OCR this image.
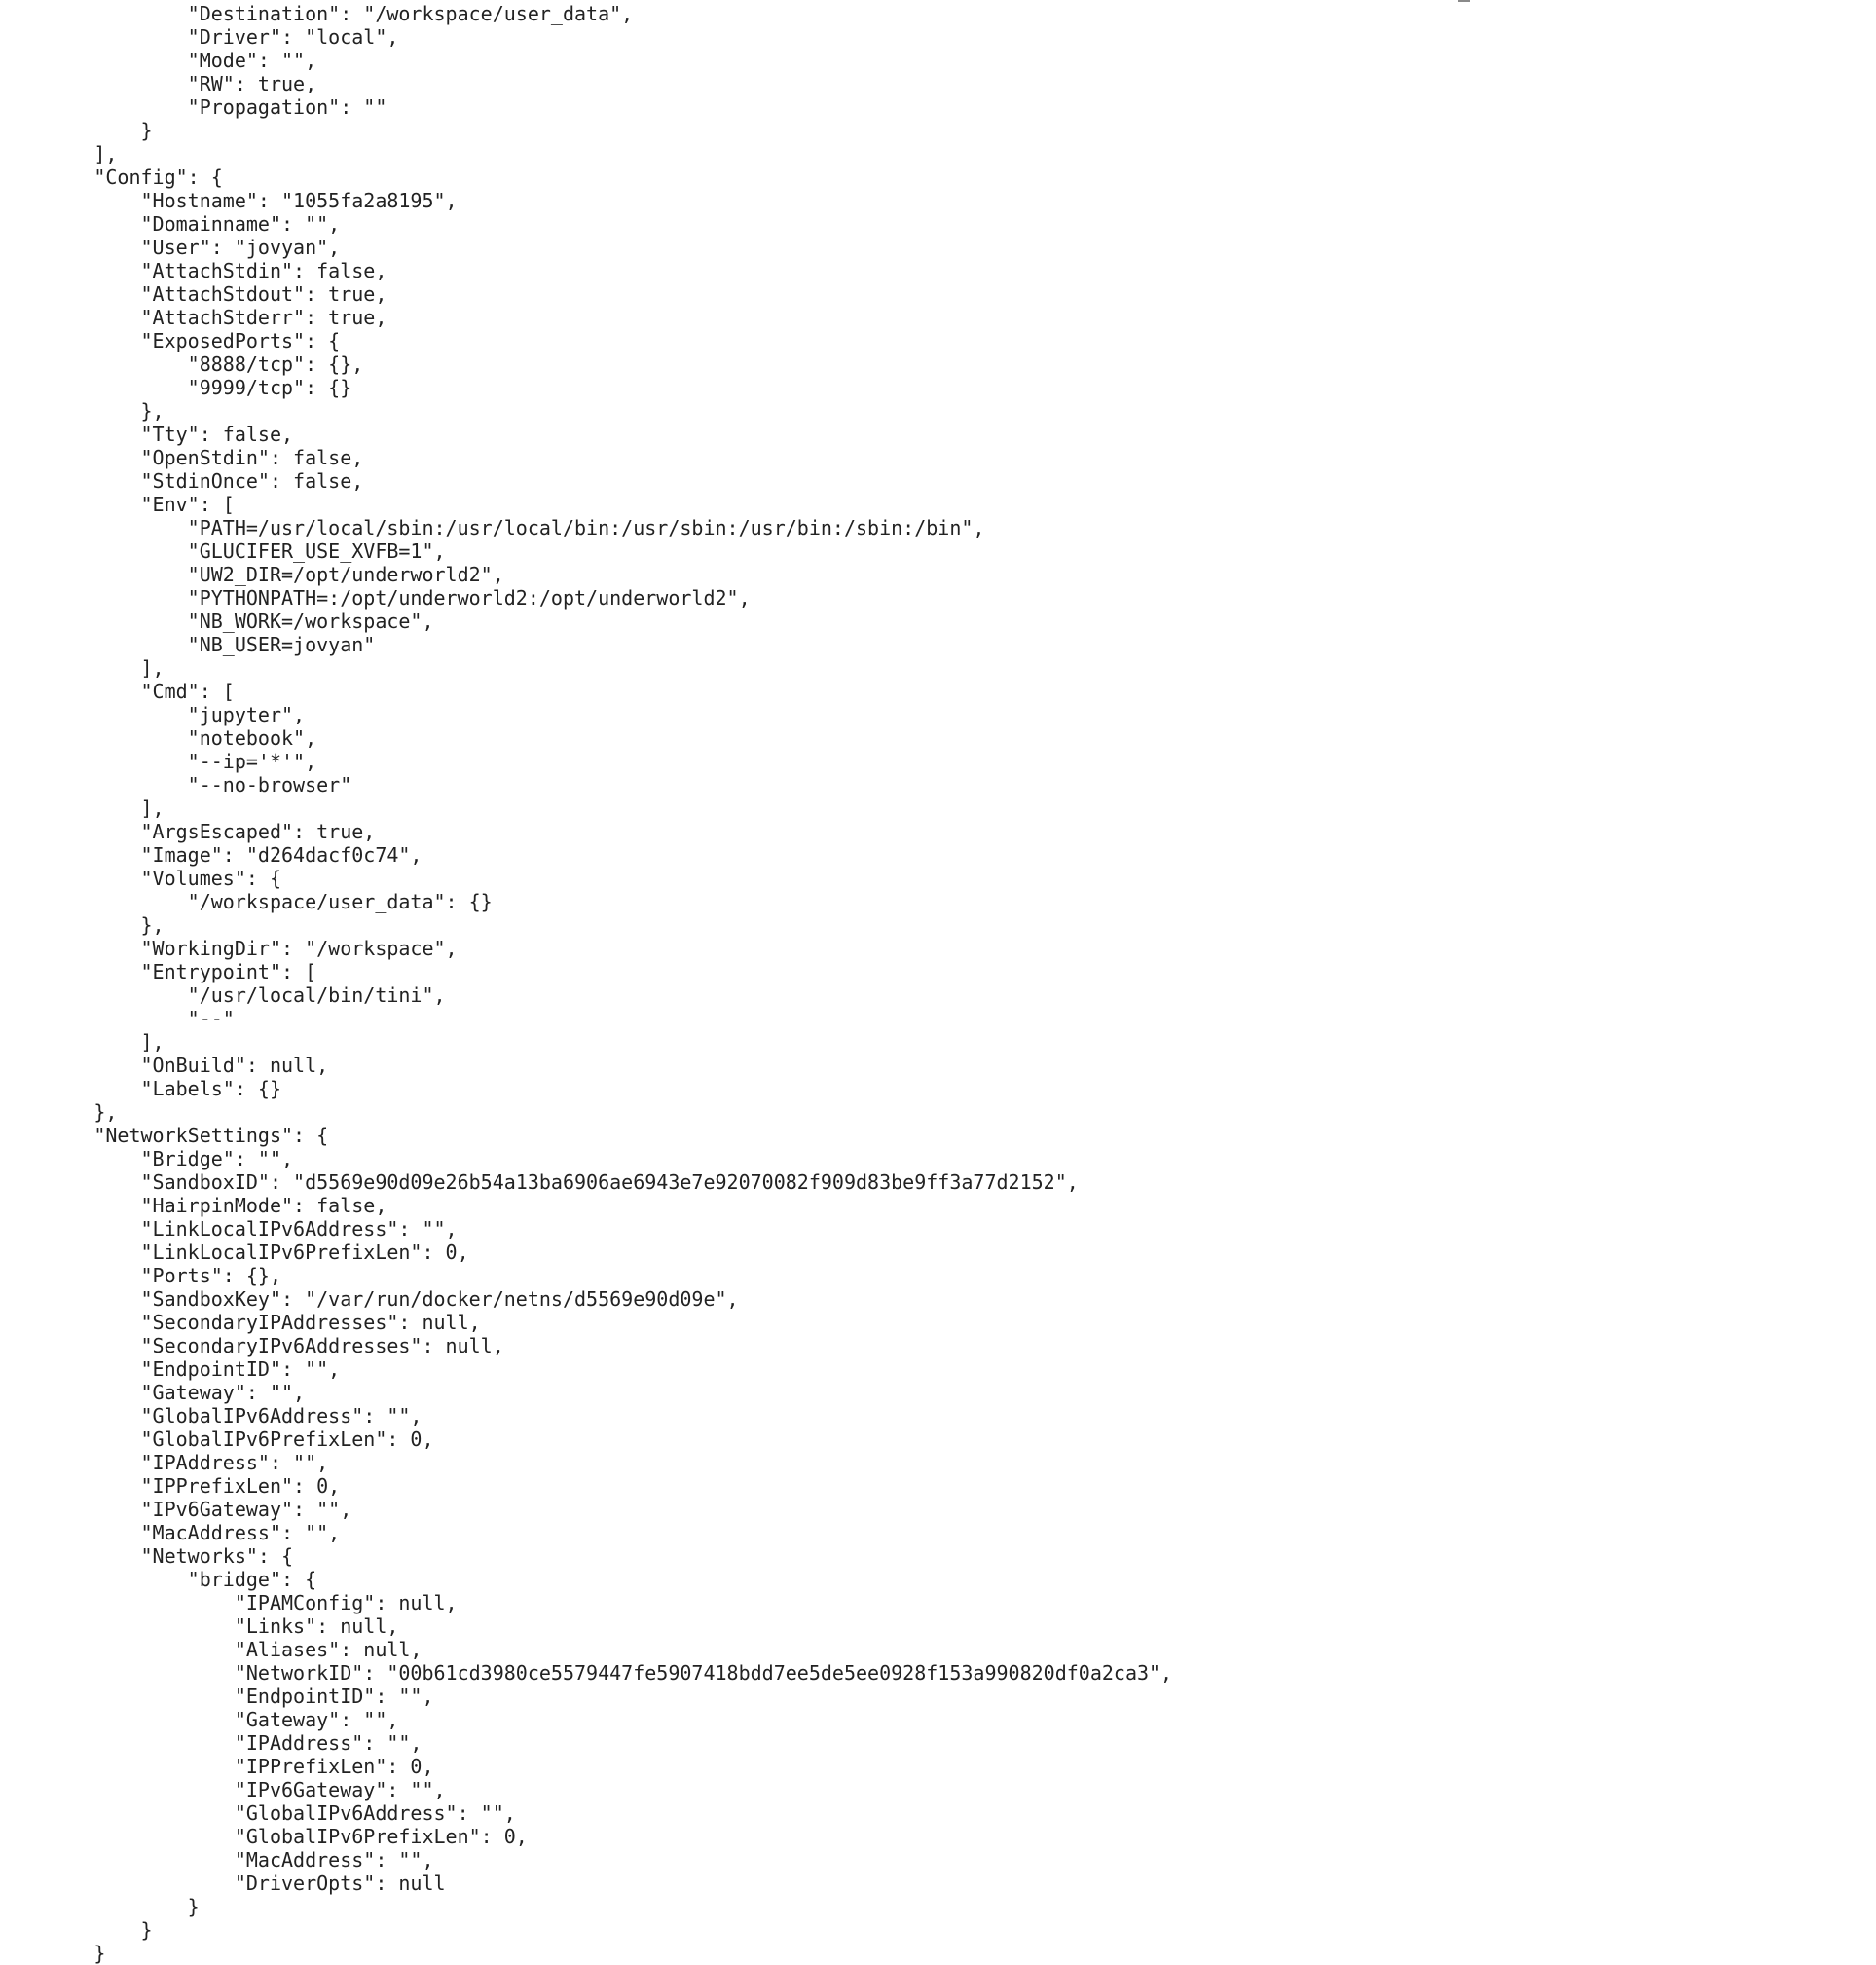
"Destination": "/workspace/user_data",
"Driver": "local",
"Mode": "",
"RW": true,
"Propagation": ""
}
],
"Config": {
"Hostname": "1055fa2a8195",
"Domainname": "",
"User": "jovyan",
"AttachStdin": false,
"AttachStdout": true,
"AttachStderr": true,
"ExposedPorts": {
"8888/tcp": {},
"9999/tcp": {}
},
"Tty": false,
"OpenStdin": false,
"StdinOnce": false,
"Env": [
"PATH=/usr/local/sbin:/usr/local/bin:/usr/sbin:/usr/bin:/sbin:/bin",
"GLUCIFER_USE_XVFB=1",
"UW2_DIR=/opt/underworld2",
"PYTHONPATH=:/opt/underworld2:/opt/underworld2",
"NB_WORK=/workspace",
"NB_USER=jovyan"
],
"Cmd": [
"jupyter",
"notebook",
"--ip='*'",
"--no-browser"
],
"ArgsEscaped": true,
"Image": "d264dacf0c74",
"Volumes": {
"/workspace/user_data": {}
},
"WorkingDir": "/workspace",
"Entrypoint": [
"/usr/local/bin/tini",
"--"
],
"OnBuild": null,
"Labels": {}
},
"NetworkSettings": {
"Bridge": "",
"SandboxID": "d5569e90d09e26b54a13ba6906ae6943e7e92070082f909d83be9ff3a77d2152",
"HairpinMode": false,
"LinkLocalIPv6Address": "",
"LinkLocalIPv6PrefixLen": 0,
"Ports": {},
"SandboxKey": "/var/run/docker/netns/d5569e90d09e",
"SecondaryIPAddresses": null,
"SecondaryIPv6Addresses": null,
"EndpointID": "",
"Gateway": "",
"GlobalIPv6Address": "",
"GlobalIPv6PrefixLen": 0,
"IPAddress": "",
"IPPrefixLen": 0,
"IPv6Gateway": "",
"MacAddress": "",
"Networks": {
"bridge": {
"IPAMConfig": null,
"Links": null,
"Aliases": null,
"NetworkID": "00b61cd3980ce5579447fe5907418bdd7ee5de5ee0928f153a990820df0a2ca3",
"EndpointID": "",
"Gateway": "",
"IPAddress": "",
"IPPrefixLen": 0,
"IPv6Gateway": "",
"GlobalIPv6Address": "",
"GlobalIPv6PrefixLen": 0,
"MacAddress": "",
"DriverOpts": null
}
}
}
